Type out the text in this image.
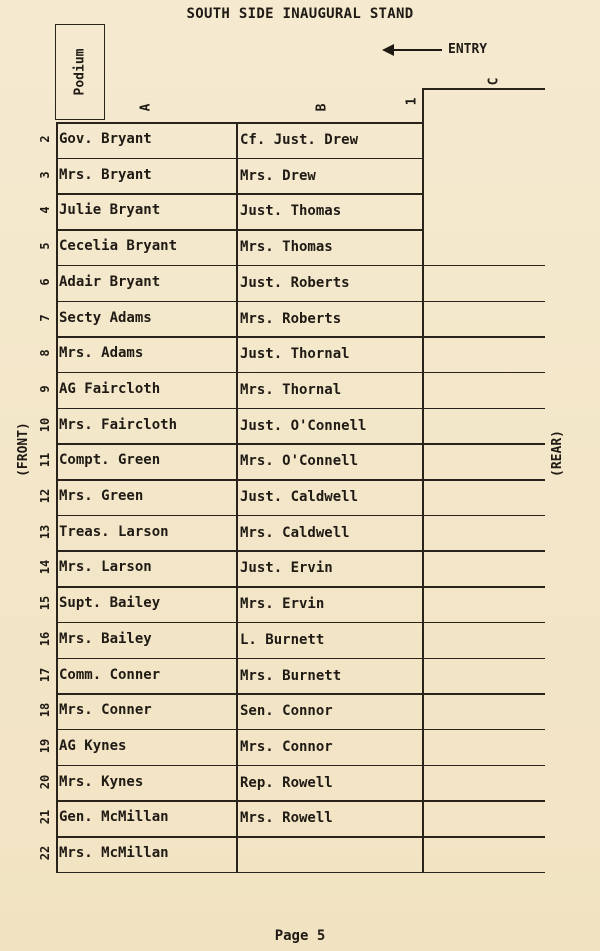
SOUTH SIDE INAUGURAL STAND
Podium	ENTRY
A	B
1
C
2 Gov. Bryant	Cf. Just. Drew
3 Mrs. Bryant	Mrs. Drew
4 Julie Bryant	Just. Thomas
5 Cecelia Bryant	Mrs. Thomas
6 Adair Bryant	Just. Roberts
7 Secty Adams	Mrs. Roberts
8 Mrs. Adams	Just. Thornal
9 AG Faircloth	Mrs. Thornal
10 Mrs. Faircloth	Just. O'Connell
11 Compt. Green	Mrs. O'Connell
12 Mrs. Green	Just. Caldwell
13 Treas. Larson	Mrs. Caldwell
14 Mrs. Larson	Just. Ervin
15 Supt. Bailey	Mrs. Ervin
16 Mrs. Bailey	L. Burnett
17 Comm. Conner	Mrs. Burnett
18 Mrs. Conner	Sen. Connor
19 AG Kynes	Mrs. Connor
20 Mrs. Kynes	Rep. Rowell
21 Gen. McMillan	Mrs. Rowell
22 Mrs. McMillan
(FRONT)	(REAR)
Page 5
